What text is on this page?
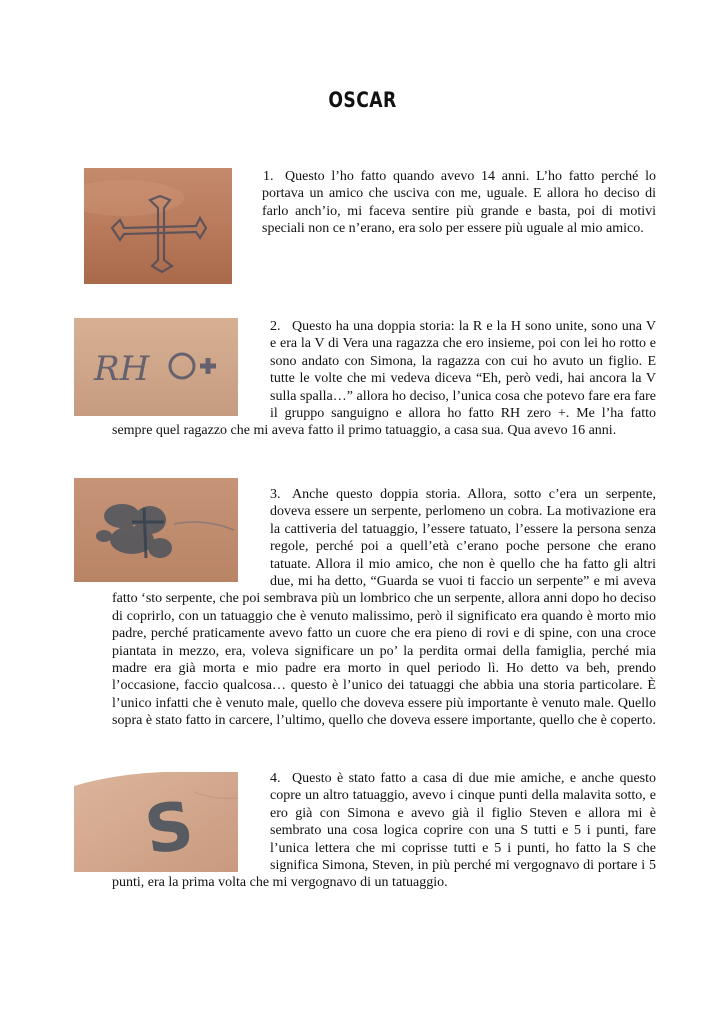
OSCAR
RH
S

1. Questo l’ho fatto quando avevo 14 anni. L’ho fatto perché lo portava un amico che usciva con me, uguale. E allora ho deciso di farlo anch’io, mi faceva sentire più grande e basta, poi di motivi speciali non ce n’erano, era solo per essere più uguale al mio amico.

2. Questo ha una doppia storia: la R e la H sono unite, sono una V e era la V di Vera una ragazza che ero insieme, poi con lei ho rotto e sono andato con Simona, la ragazza con cui ho avuto un figlio. E tutte le volte che mi vedeva diceva “Eh, però vedi, hai ancora la V sulla spalla…” allora ho deciso, l’unica cosa che potevo fare era fare il gruppo sanguigno e allora ho fatto RH zero +. Me l’ha fatto sempre quel ragazzo che mi aveva fatto il primo tatuaggio, a casa sua. Qua avevo 16 anni.

3. Anche questo doppia storia. Allora, sotto c’era un serpente, doveva essere un serpente, perlomeno un cobra. La motivazione era la cattiveria del tatuaggio, l’essere tatuato, l’essere la persona senza regole, perché poi a quell’età c’erano poche persone che erano tatuate. Allora il mio amico, che non è quello che ha fatto gli altri due, mi ha detto, “Guarda se vuoi ti faccio un serpente” e mi aveva fatto ‘sto serpente, che poi sembrava più un lombrico che un serpente, allora anni dopo ho deciso di coprirlo, con un tatuaggio che è venuto malissimo, però il significato era quando è morto mio padre, perché praticamente avevo fatto un cuore che era pieno di rovi e di spine, con una croce piantata in mezzo, era, voleva significare un po’ la perdita ormai della famiglia, perché mia madre era già morta e mio padre era morto in quel periodo lì. Ho detto va beh, prendo l’occasione, faccio qualcosa… questo è l’unico dei tatuaggi che abbia una storia particolare. È l’unico infatti che è venuto male, quello che doveva essere più importante è venuto male. Quello sopra è stato fatto in carcere, l’ultimo, quello che doveva essere importante, quello che è coperto.

4. Questo è stato fatto a casa di due mie amiche, e anche questo copre un altro tatuaggio, avevo i cinque punti della malavita sotto, e ero già con Simona e avevo già il figlio Steven e allora mi è sembrato una cosa logica coprire con una S tutti e 5 i punti, fare l’unica lettera che mi coprisse tutti e 5 i punti, ho fatto la S che significa Simona, Steven, in più perché mi vergognavo di portare i 5 punti, era la prima volta che mi vergognavo di un tatuaggio.
